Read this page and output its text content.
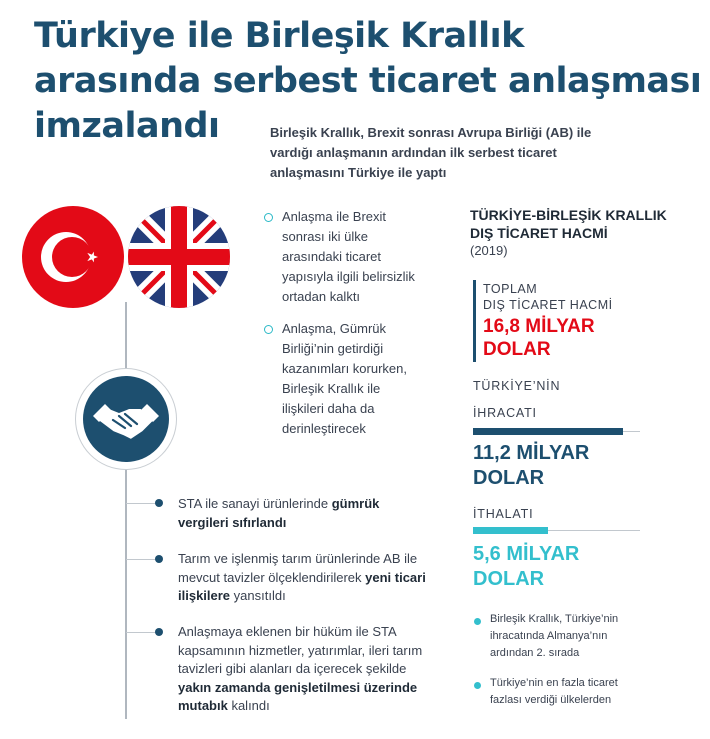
Türkiye ile Birleşik Krallık
arasında serbest ticaret anlaşması
imzalandı	Birleşik Krallık, Brexit sonrası Avrupa Birliği (AB) ile
vardığı anlaşmanın ardından ilk serbest ticaret
anlaşmasını Türkiye ile yaptı
Anlaşma ile Brexit
sonrası iki ülke
arasındaki ticaret
yapısıyla ilgili belirsizlik
ortadan kalktı
Anlaşma, Gümrük
Birliği’nin getirdiği
kazanımları korurken,
Birleşik Krallık ile
ilişkileri daha da
derinleştirecek
STA ile sanayi ürünlerinde gümrük vergileri sıfırlandı
Tarım ve işlenmiş tarım ürünlerinde AB ile mevcut tavizler ölçeklendirilerek yeni ticari ilişkilere yansıtıldı
Anlaşmaya eklenen bir hüküm ile STA kapsamının hizmetler, yatırımlar, ileri tarım tavizleri gibi alanları da içerecek şekilde yakın zamanda genişletilmesi üzerinde mutabık kalındı
TÜRKİYE-BİRLEŞİK KRALLIK
DIŞ TİCARET HACMİ
(2019)
TOPLAM
DIŞ TİCARET HACMİ
16,8 MİLYAR
DOLAR
TÜRKİYE’NİN
İHRACATI
11,2 MİLYAR
DOLAR
İTHALATI
5,6 MİLYAR
DOLAR
Birleşik Krallık, Türkiye’nin
ihracatında Almanya’nın
ardından 2. sırada
Türkiye’nin en fazla ticaret
fazlası verdiği ülkelerden
